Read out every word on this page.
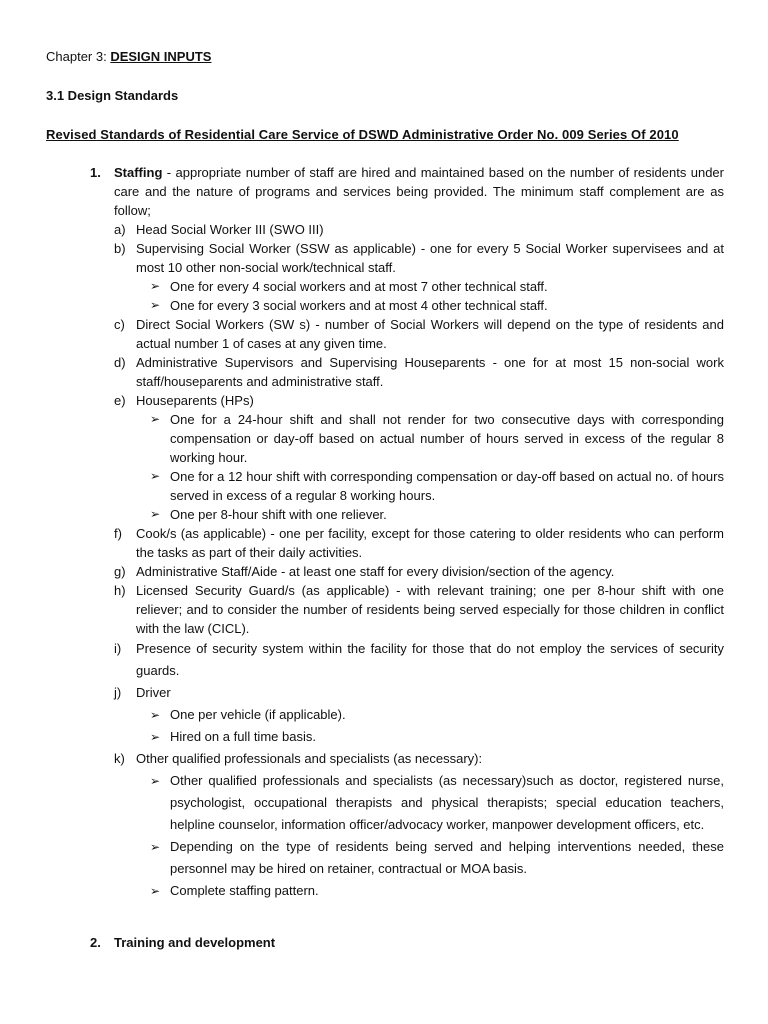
Chapter 3: DESIGN INPUTS
3.1 Design Standards
Revised Standards of Residential Care Service of DSWD Administrative Order No. 009 Series Of 2010
1. Staffing - appropriate number of staff are hired and maintained based on the number of residents under care and the nature of programs and services being provided. The minimum staff complement are as follow;
a) Head Social Worker III (SWO III)
b) Supervising Social Worker (SSW as applicable) - one for every 5 Social Worker supervisees and at most 10 other non-social work/technical staff.
➢ One for every 4 social workers and at most 7 other technical staff.
➢ One for every 3 social workers and at most 4 other technical staff.
c) Direct Social Workers (SW s) - number of Social Workers will depend on the type of residents and actual number 1 of cases at any given time.
d) Administrative Supervisors and Supervising Houseparents - one for at most 15 non-social work staff/houseparents and administrative staff.
e) Houseparents (HPs)
➢ One for a 24-hour shift and shall not render for two consecutive days with corresponding compensation or day-off based on actual number of hours served in excess of the regular 8 working hour.
➢ One for a 12 hour shift with corresponding compensation or day-off based on actual no. of hours served in excess of a regular 8 working hours.
➢ One per 8-hour shift with one reliever.
f) Cook/s (as applicable) - one per facility, except for those catering to older residents who can perform the tasks as part of their daily activities.
g) Administrative Staff/Aide - at least one staff for every division/section of the agency.
h) Licensed Security Guard/s (as applicable) - with relevant training; one per 8-hour shift with one reliever; and to consider the number of residents being served especially for those children in conflict with the law (CICL).
i) Presence of security system within the facility for those that do not employ the services of security guards.
j) Driver
➢ One per vehicle (if applicable).
➢ Hired on a full time basis.
k) Other qualified professionals and specialists (as necessary):
➢ Other qualified professionals and specialists (as necessary)such as doctor, registered nurse, psychologist, occupational therapists and physical therapists; special education teachers, helpline counselor, information officer/advocacy worker, manpower development officers, etc.
➢ Depending on the type of residents being served and helping interventions needed, these personnel may be hired on retainer, contractual or MOA basis.
➢ Complete staffing pattern.
2. Training and development
